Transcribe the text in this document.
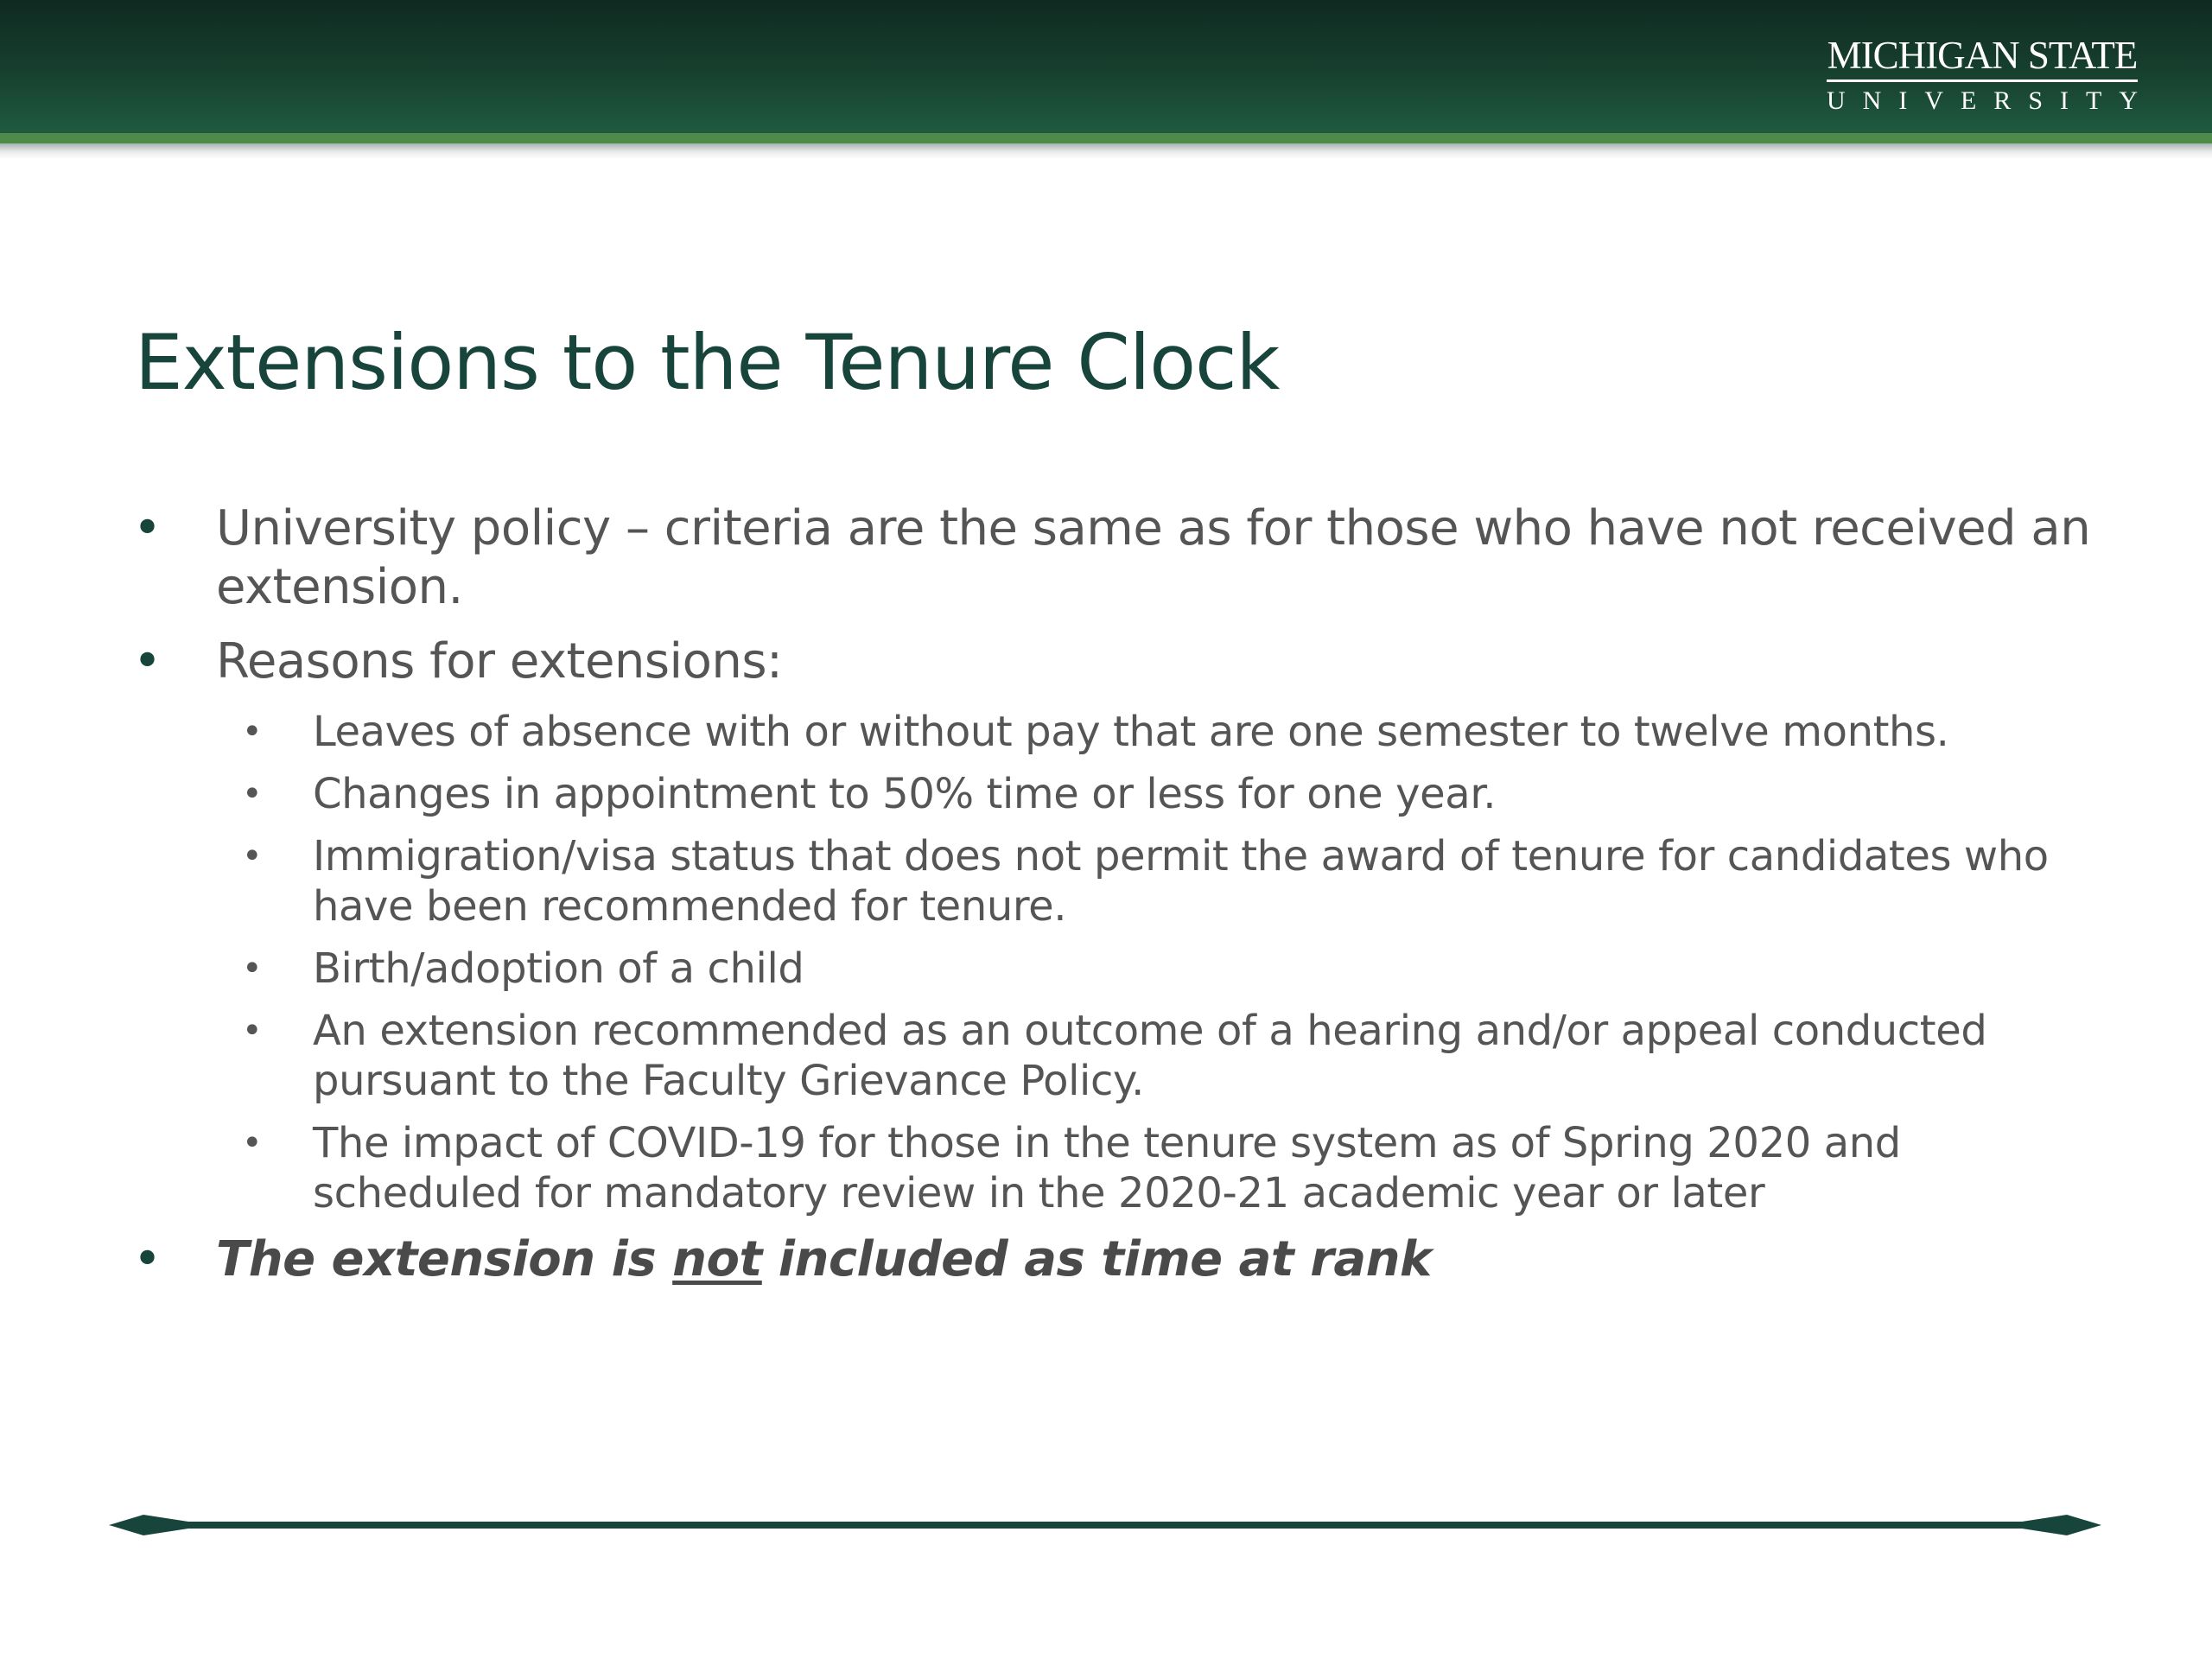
MICHIGAN STATE
UNIVERSITY
Extensions to the Tenure Clock
• University policy – criteria are the same as for those who have not received an extension.
• Reasons for extensions:
• Leaves of absence with or without pay that are one semester to twelve months.
• Changes in appointment to 50% time or less for one year.
• Immigration/visa status that does not permit the award of tenure for candidates who have been recommended for tenure.
• Birth/adoption of a child
• An extension recommended as an outcome of a hearing and/or appeal conducted pursuant to the Faculty Grievance Policy.
• The impact of COVID-19 for those in the tenure system as of Spring 2020 and scheduled for mandatory review in the 2020-21 academic year or later
• The extension is not included as time at rank
